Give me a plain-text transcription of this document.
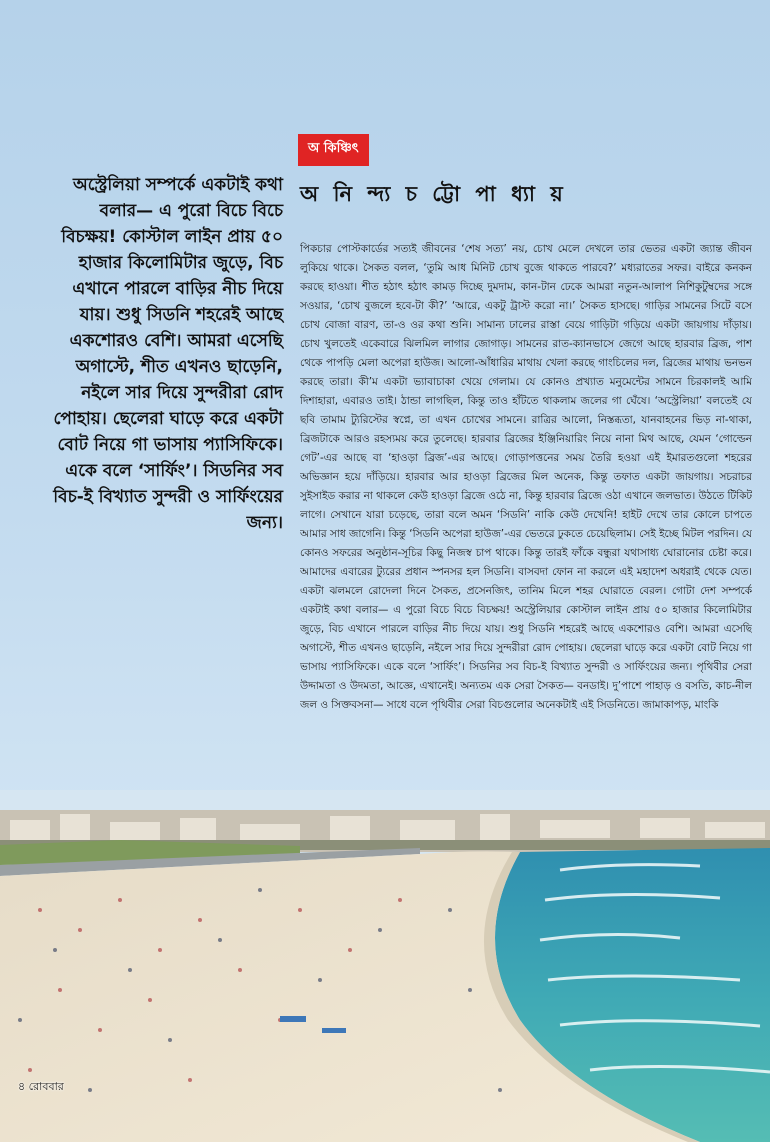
অ কিঞ্চিৎ
অ নি ন্দ্য চ ট্টো পা ধ্যা য়

অস্ট্রেলিয়া সম্পর্কে একটাই কথা বলার— এ পুরো বিচে বিচে বিচক্ষয়! কোস্টাল লাইন প্রায় ৫০ হাজার কিলোমিটার জুড়ে, বিচ এখানে পারলে বাড়ির নীচ দিয়ে যায়। শুধু সিডনি শহরেই আছে একশোরও বেশি। আমরা এসেছি অগাস্টে, শীত এখনও ছাড়েনি, নইলে সার দিয়ে সুন্দরীরা রোদ পোহায়। ছেলেরা ঘাড়ে করে একটা বোট নিয়ে গা ভাসায় প্যাসিফিকে। একে বলে ‘সার্ফিং’। সিডনির সব বিচ-ই বিখ্যাত সুন্দরী ও সার্ফিংয়ের জন্য।

পিকচার পোস্টকার্ডের সত্যই জীবনের ‘শেষ সত্য’ নয়, চোখ মেলে দেখলে তার ভেতর একটা জ্যান্ত জীবন লুকিয়ে থাকে। সৈকত বলল, ‘তুমি আধ মিনিট চোখ বুজে থাকতে পারবে?’ মধ্যরাতের সফর। বাইরে কনকন করছে হাওয়া। শীত হঠাৎ হঠাৎ কামড় দিচ্ছে দুমদাম, কান-টান ঢেকে আমরা নতুন-আলাপ নিশিকুটুম্বদের সঙ্গে সওয়ার, ‘চোখ বুজলে হবে-টা কী?’ ‘আরে, একটু ট্রাস্ট করো না।’ সৈকত হাসছে। গাড়ির সামনের সিটে বসে চোখ বোজা বারণ, তা-ও ওর কথা শুনি। সামান্য ঢালের রাস্তা বেয়ে গাড়িটা গড়িয়ে একটা জায়গায় দাঁড়ায়। চোখ খুলতেই একেবারে ঝিলমিল লাগার জোগাড়। সামনের রাত-ক্যানভাসে জেগে আছে হারবার ব্রিজ, পাশ থেকে পাপড়ি মেলা অপেরা হাউজ। আলো-আঁধারির মাথায় খেলা করছে গাংচিলের দল, ব্রিজের মাথায় ভনভন করছে তারা। কী’ম একটা ভ্যাবাচাকা খেয়ে গেলাম। যে কোনও প্রখ্যাত মনুমেন্টের সামনে চিরকালই আমি দিশাহারা, এবারও তাই। ঠান্ডা লাগছিল, কিন্তু তাও হাঁটতে থাকলাম জলের গা ঘেঁষে। ‘অস্ট্রেলিয়া’ বলতেই যে ছবি তামাম ট্যুরিস্টের স্বপ্নে, তা এখন চোখের সামনে। রাত্রির আলো, নিস্তব্ধতা, যানবাহনের ভিড় না-থাকা, ব্রিজটাকে আরও রহস্যময় করে তুলেছে। হারবার ব্রিজের ইঞ্জিনিয়ারিং নিয়ে নানা মিথ আছে, যেমন ‘গোল্ডেন গেট’-এর আছে বা ‘হাওড়া ব্রিজ’-এর আছে। গোড়াপত্তনের সময় তৈরি হওয়া এই ইমারতগুলো শহরের অভিজ্ঞান হয়ে দাঁড়িয়ে। হারবার আর হাওড়া ব্রিজের মিল অনেক, কিন্তু তফাত একটা জায়গায়। সচরাচর সুইসাইড করার না থাকলে কেউ হাওড়া ব্রিজে ওঠে না, কিন্তু হারবার ব্রিজে ওঠা এখানে জলভাত। উঠতে টিকিট লাগে। সেখানে যারা চড়েছে, তারা বলে অমন ‘সিডনি’ নাকি কেউ দেখেনি! হাইট দেখে তার কোলে চাপতে আমার সাধ জাগেনি। কিন্তু ‘সিডনি অপেরা হাউজ’-এর ভেতরে ঢুকতে চেয়েছিলাম। সেই ইচ্ছে মিটল পরদিন। যে কোনও সফরের অনুষ্ঠান-সূচির কিছু নিজস্ব চাপ থাকে। কিন্তু তারই ফাঁকে বন্ধুরা যথাসাধ্য ঘোরানোর চেষ্টা করে। আমাদের এবারের ট্যুরের প্রধান স্পনসর হল সিডনি। বাসবদা ফোন না করলে এই মহাদেশ অধরাই থেকে যেত। একটা ঝলমলে রোদেলা দিনে সৈকত, প্রসেনজিৎ, তানিম মিলে শহর ঘোরাতে বেরল। গোটা দেশ সম্পর্কে একটাই কথা বলার— এ পুরো বিচে বিচে বিচক্ষয়! অস্ট্রেলিয়ার কোস্টাল লাইন প্রায় ৫০ হাজার কিলোমিটার জুড়ে, বিচ এখানে পারলে বাড়ির নীচ দিয়ে যায়। শুধু সিডনি শহরেই আছে একশোরও বেশি। আমরা এসেছি অগাস্টে, শীত এখনও ছাড়েনি, নইলে সার দিয়ে সুন্দরীরা রোদ পোহায়। ছেলেরা ঘাড়ে করে একটা বোট নিয়ে গা ভাসায় প্যাসিফিকে। একে বলে ‘সার্ফিং’। সিডনির সব বিচ-ই বিখ্যাত সুন্দরী ও সার্ফিংয়ের জন্য। পৃথিবীর সেরা উদ্দামতা ও উদমতা, আজ্ঞে, এখানেই। অন্যতম এক সেরা সৈকত— বনডাই। দু’পাশে পাহাড় ও বসতি, কাচ-নীল জল ও সিক্তবসনা— সাধে বলে পৃথিবীর সেরা বিচগুলোর অনেকটাই এই সিডনিতে। জামাকাপড়, মাংকি

৪ রোববার
